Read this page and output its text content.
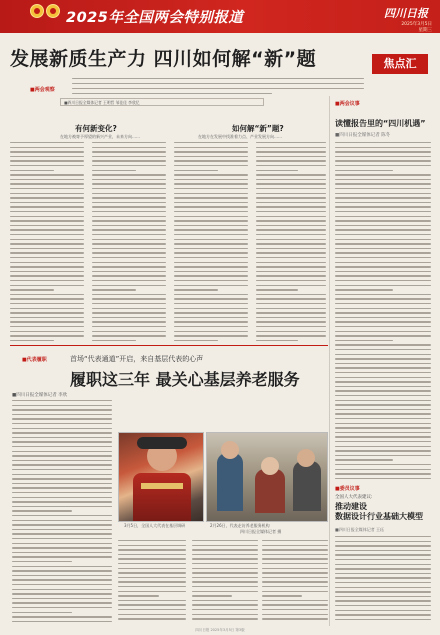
2025年全国两会特别报道	四川日报
2025年3月5日
星期三
发展新质生产力 四川如何解“新”题	焦点汇
■两会观察
■四川日报全媒体记者 王明哲 邹佳佳 李欣忆
有何新变化?
在地方被寄予厚望的新兴产业，未来方向……
如何解“新”题?
在地方在发展中找准着力点、产业发展方向……
■两会议事
读懂报告里的“四川机遇”
■四川日报全媒体记者 陈冬
■代表履职	首场“代表通道”开启，来自基层代表的心声
履职这三年 最关心基层养老服务
■四川日报全媒体记者 李欣
3月5日，全国人大代表在基层调研	2月26日，代表走访养老服务机构
四川日报全媒体记者 摄
■委员议事
全国人大代表建议:
推动建设
数据设计行业基础大模型
■四川日报全媒体记者 王珏
四川日报 2025年3月5日 第3版
